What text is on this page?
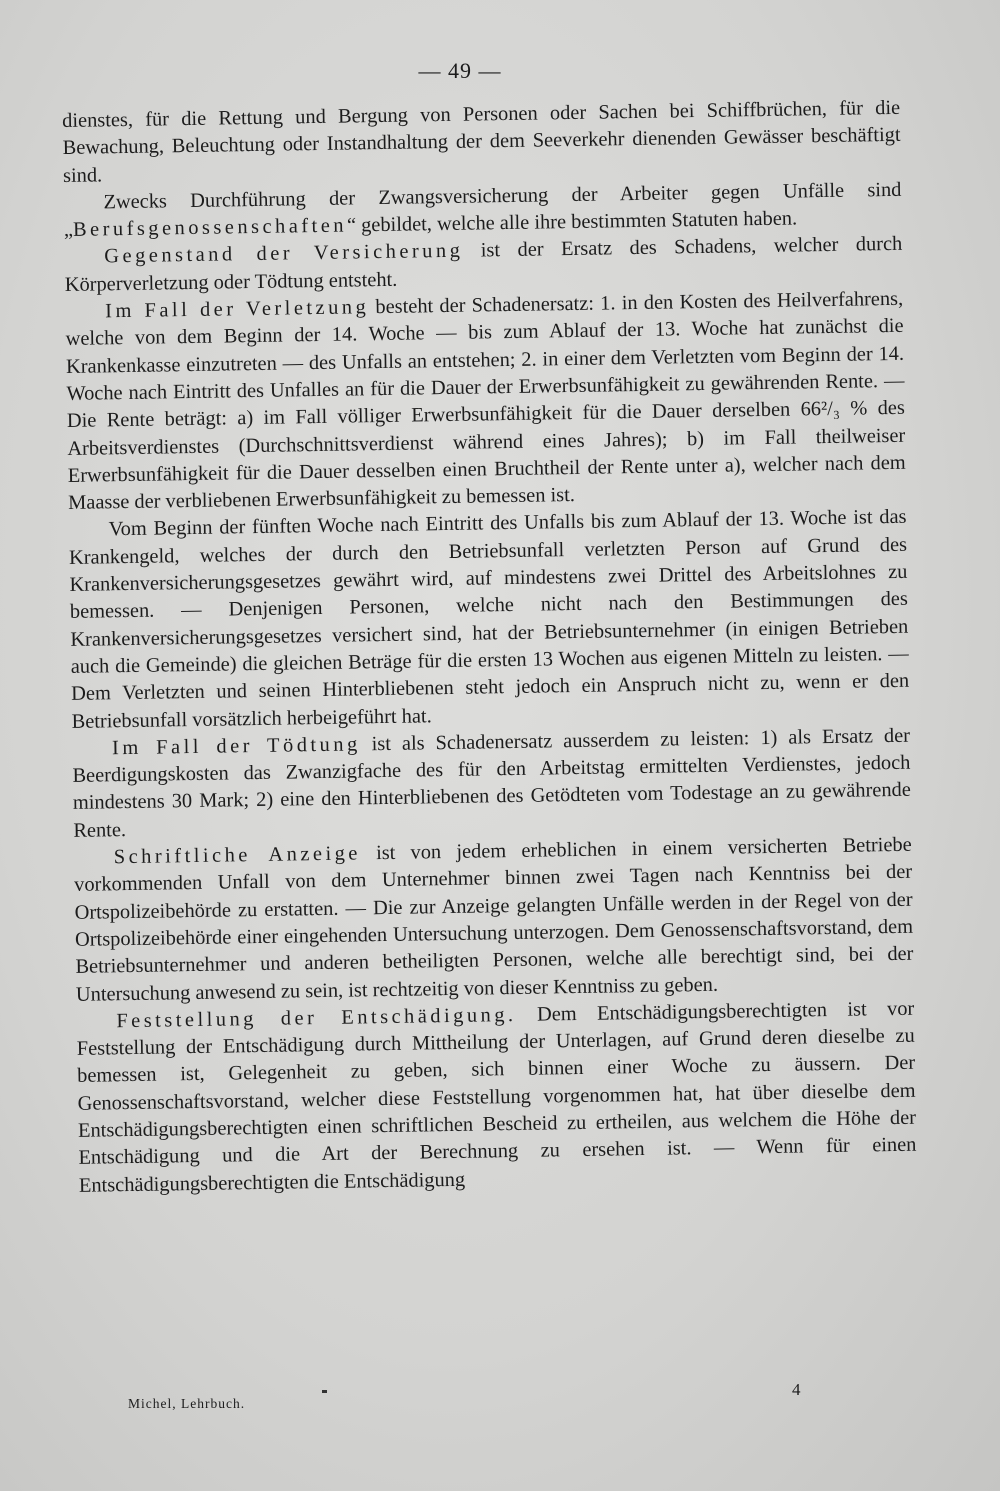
— 49 —

dienstes, für die Rettung und Bergung von Personen oder Sachen bei Schiffbrüchen, für die Bewachung, Beleuchtung oder Instandhaltung der dem Seeverkehr dienenden Gewässer beschäftigt sind.

Zwecks Durchführung der Zwangsversicherung der Arbeiter gegen Unfälle sind „Berufsgenossenschaften“ gebildet, welche alle ihre bestimmten Statuten haben.

Gegenstand der Versicherung ist der Ersatz des Schadens, welcher durch Körperverletzung oder Tödtung entsteht.

Im Fall der Verletzung besteht der Schadenersatz: 1. in den Kosten des Heilverfahrens, welche von dem Beginn der 14. Woche — bis zum Ablauf der 13. Woche hat zunächst die Krankenkasse einzutreten — des Unfalls an entstehen; 2. in einer dem Verletzten vom Beginn der 14. Woche nach Eintritt des Unfalles an für die Dauer der Erwerbsunfähigkeit zu gewährenden Rente. — Die Rente beträgt: a) im Fall völliger Erwerbsunfähigkeit für die Dauer derselben 66²/₃ % des Arbeitsverdienstes (Durchschnittsverdienst während eines Jahres); b) im Fall theilweiser Erwerbsunfähigkeit für die Dauer desselben einen Bruchtheil der Rente unter a), welcher nach dem Maasse der verbliebenen Erwerbsunfähigkeit zu bemessen ist.

Vom Beginn der fünften Woche nach Eintritt des Unfalls bis zum Ablauf der 13. Woche ist das Krankengeld, welches der durch den Betriebsunfall verletzten Person auf Grund des Krankenversicherungsgesetzes gewährt wird, auf mindestens zwei Drittel des Arbeitslohnes zu bemessen. — Denjenigen Personen, welche nicht nach den Bestimmungen des Krankenversicherungsgesetzes versichert sind, hat der Betriebsunternehmer (in einigen Betrieben auch die Gemeinde) die gleichen Beträge für die ersten 13 Wochen aus eigenen Mitteln zu leisten. — Dem Verletzten und seinen Hinterbliebenen steht jedoch ein Anspruch nicht zu, wenn er den Betriebsunfall vorsätzlich herbeigeführt hat.

Im Fall der Tödtung ist als Schadenersatz ausserdem zu leisten: 1) als Ersatz der Beerdigungskosten das Zwanzigfache des für den Arbeitstag ermittelten Verdienstes, jedoch mindestens 30 Mark; 2) eine den Hinterbliebenen des Getödteten vom Todestage an zu gewährende Rente.

Schriftliche Anzeige ist von jedem erheblichen in einem versicherten Betriebe vorkommenden Unfall von dem Unternehmer binnen zwei Tagen nach Kenntniss bei der Ortspolizeibehörde zu erstatten. — Die zur Anzeige gelangten Unfälle werden in der Regel von der Ortspolizeibehörde einer eingehenden Untersuchung unterzogen. Dem Genossenschaftsvorstand, dem Betriebsunternehmer und anderen betheiligten Personen, welche alle berechtigt sind, bei der Untersuchung anwesend zu sein, ist rechtzeitig von dieser Kenntniss zu geben.

Feststellung der Entschädigung. Dem Entschädigungsberechtigten ist vor Feststellung der Entschädigung durch Mittheilung der Unterlagen, auf Grund deren dieselbe zu bemessen ist, Gelegenheit zu geben, sich binnen einer Woche zu äussern. Der Genossenschaftsvorstand, welcher diese Feststellung vorgenommen hat, hat über dieselbe dem Entschädigungsberechtigten einen schriftlichen Bescheid zu ertheilen, aus welchem die Höhe der Entschädigung und die Art der Berechnung zu ersehen ist. — Wenn für einen Entschädigungsberechtigten die Entschädigung

4
Michel, Lehrbuch.
